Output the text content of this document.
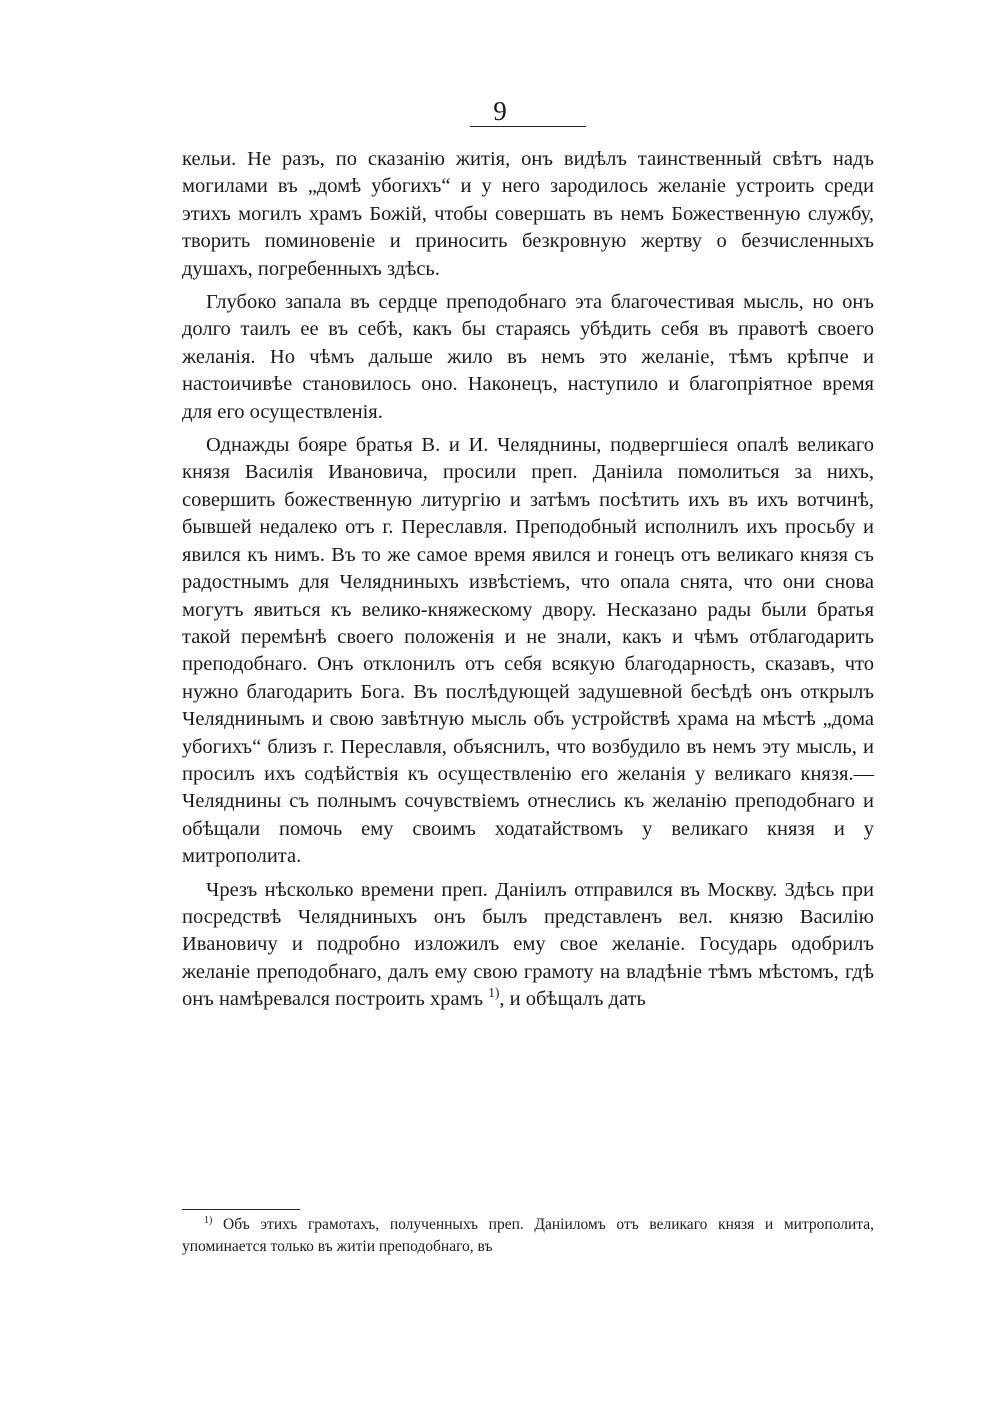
9

кельи. Не разъ, по сказанію житія, онъ видѣлъ таинственный свѣтъ надъ могилами въ „домѣ убогихъ“ и у него зародилось желаніе устроить среди этихъ могилъ храмъ Божій, чтобы совершать въ немъ Божественную службу, творить поминовеніе и приносить безкровную жертву о безчисленныхъ душахъ, погребенныхъ здѣсь.

Глубоко запала въ сердце преподобнаго эта благочестивая мысль, но онъ долго таилъ ее въ себѣ, какъ бы стараясь убѣдить себя въ правотѣ своего желанія. Но чѣмъ дальше жило въ немъ это желаніе, тѣмъ крѣпче и настоичивѣе становилось оно. Наконецъ, наступило и благопріятное время для его осуществленія.

Однажды бояре братья В. и И. Челяднины, подвергшіеся опалѣ великаго князя Василія Ивановича, просили преп. Даніила помолиться за нихъ, совершить божественную литургію и затѣмъ посѣтить ихъ въ ихъ вотчинѣ, бывшей недалеко отъ г. Переславля. Преподобный исполнилъ ихъ просьбу и явился къ нимъ. Въ то же самое время явился и гонецъ отъ великаго князя съ радостнымъ для Челядниныхъ извѣстіемъ, что опала снята, что они снова могутъ явиться къ велико-княжескому двору. Несказано рады были братья такой перемѣнѣ своего положенія и не знали, какъ и чѣмъ отблагодарить преподобнаго. Онъ отклонилъ отъ себя всякую благодарность, сказавъ, что нужно благодарить Бога. Въ послѣдующей задушевной бесѣдѣ онъ открылъ Челяднинымъ и свою завѣтную мысль объ устройствѣ храма на мѣстѣ „дома убогихъ“ близъ г. Переславля, объяснилъ, что возбудило въ немъ эту мысль, и просилъ ихъ содѣйствія къ осуществленію его желанія у великаго князя.—Челяднины съ полнымъ сочувствіемъ отнеслись къ желанію преподобнаго и обѣщали помочь ему своимъ ходатайствомъ у великаго князя и у митрополита.

Чрезъ нѣсколько времени преп. Даніилъ отправился въ Москву. Здѣсь при посредствѣ Челядниныхъ онъ былъ представленъ вел. князю Василію Ивановичу и подробно изложилъ ему свое желаніе. Государь одобрилъ желаніе преподобнаго, далъ ему свою грамоту на владѣніе тѣмъ мѣстомъ, гдѣ онъ намѣревался построить храмъ $^{1)}$, и обѣщалъ дать

$^{1)}$ Объ этихъ грамотахъ, полученныхъ преп. Даніиломъ отъ великаго князя и митрополита, упоминается только въ житіи преподобнаго, въ
